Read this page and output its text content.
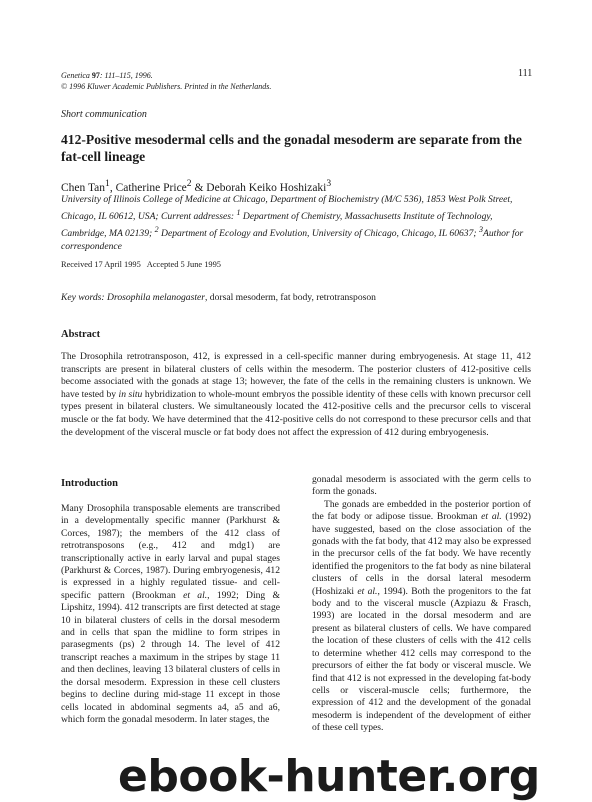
Genetica 97: 111–115, 1996.
© 1996 Kluwer Academic Publishers. Printed in the Netherlands.
111
Short communication
412-Positive mesodermal cells and the gonadal mesoderm are separate from the fat-cell lineage
Chen Tan$^1$, Catherine Price$^2$ & Deborah Keiko Hoshizaki$^3$
University of Illinois College of Medicine at Chicago, Department of Biochemistry (M/C 536), 1853 West Polk Street, Chicago, IL 60612, USA; Current addresses: $^1$ Department of Chemistry, Massachusetts Institute of Technology, Cambridge, MA 02139; $^2$ Department of Ecology and Evolution, University of Chicago, Chicago, IL 60637; $^3$Author for correspondence
Received 17 April 1995 Accepted 5 June 1995
Key words: Drosophila melanogaster, dorsal mesoderm, fat body, retrotransposon
Abstract
The Drosophila retrotransposon, 412, is expressed in a cell-specific manner during embryogenesis. At stage 11, 412 transcripts are present in bilateral clusters of cells within the mesoderm. The posterior clusters of 412-positive cells become associated with the gonads at stage 13; however, the fate of the cells in the remaining clusters is unknown. We have tested by in situ hybridization to whole-mount embryos the possible identity of these cells with known precursor cell types present in bilateral clusters. We simultaneously located the 412-positive cells and the precursor cells to visceral muscle or the fat body. We have determined that the 412-positive cells do not correspond to these precursor cells and that the development of the visceral muscle or fat body does not affect the expression of 412 during embryogenesis.
Introduction

Many Drosophila transposable elements are transcribed in a developmentally specific manner (Parkhurst & Corces, 1987); the members of the 412 class of retrotransposons (e.g., 412 and mdg1) are transcriptionally active in early larval and pupal stages (Parkhurst & Corces, 1987). During embryogenesis, 412 is expressed in a highly regulated tissue- and cell-specific pattern (Brookman et al., 1992; Ding & Lipshitz, 1994). 412 transcripts are first detected at stage 10 in bilateral clusters of cells in the dorsal mesoderm and in cells that span the midline to form stripes in parasegments (ps) 2 through 14. The level of 412 transcript reaches a maximum in the stripes by stage 11 and then declines, leaving 13 bilateral clusters of cells in the dorsal mesoderm. Expression in these cell clusters begins to decline during mid-stage 11 except in those cells located in abdominal segments a4, a5 and a6, which form the gonadal mesoderm. In later stages, the

gonadal mesoderm is associated with the germ cells to form the gonads.

The gonads are embedded in the posterior portion of the fat body or adipose tissue. Brookman et al. (1992) have suggested, based on the close association of the gonads with the fat body, that 412 may also be expressed in the precursor cells of the fat body. We have recently identified the progenitors to the fat body as nine bilateral clusters of cells in the dorsal lateral mesoderm (Hoshizaki et al., 1994). Both the progenitors to the fat body and to the visceral muscle (Azpiazu & Frasch, 1993) are located in the dorsal mesoderm and are present as bilateral clusters of cells. We have compared the location of these clusters of cells with the 412 cells to determine whether 412 cells may correspond to the precursors of either the fat body or visceral muscle. We find that 412 is not expressed in the developing fat-body cells or visceral-muscle cells; furthermore, the expression of 412 and the development of the gonadal mesoderm is independent of the development of either of these cell types.

ebook-hunter.org
